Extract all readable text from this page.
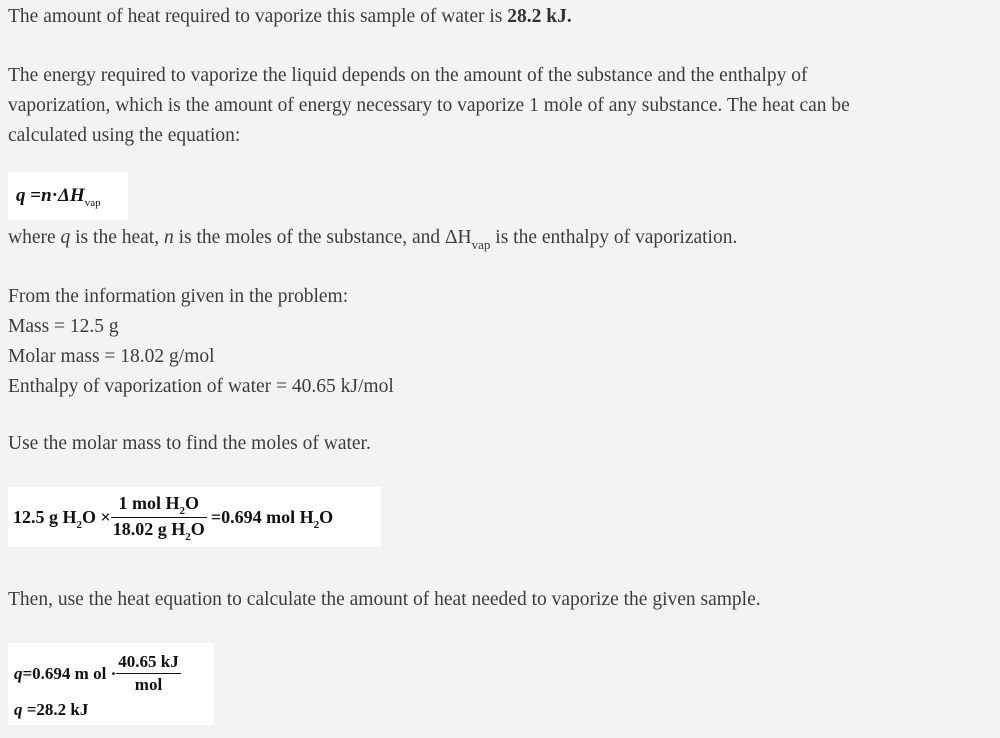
The amount of heat required to vaporize this sample of water is 28.2 kJ.

The energy required to vaporize the liquid depends on the amount of the substance and the enthalpy of
vaporization, which is the amount of energy necessary to vaporize 1 mole of any substance. The heat can be
calculated using the equation:

$q =n\cdot\Delta H_{vap}$

where q is the heat, n is the moles of the substance, and $\Delta H_{vap}$ is the enthalpy of vaporization.

From the information given in the problem:
Mass = 12.5 g
Molar mass = 18.02 g/mol
Enthalpy of vaporization of water = 40.65 kJ/mol

Use the molar mass to find the moles of water.

12.5 g $H_2O \times \frac{1 mol H_2O}{18.02 g H_2O} =0.694$ mol $H_2O$

Then, use the heat equation to calculate the amount of heat needed to vaporize the given sample.

q =0.694 m ol · $\frac{40.65 kJ}{\text{mol}}$
q =28.2 kJ
